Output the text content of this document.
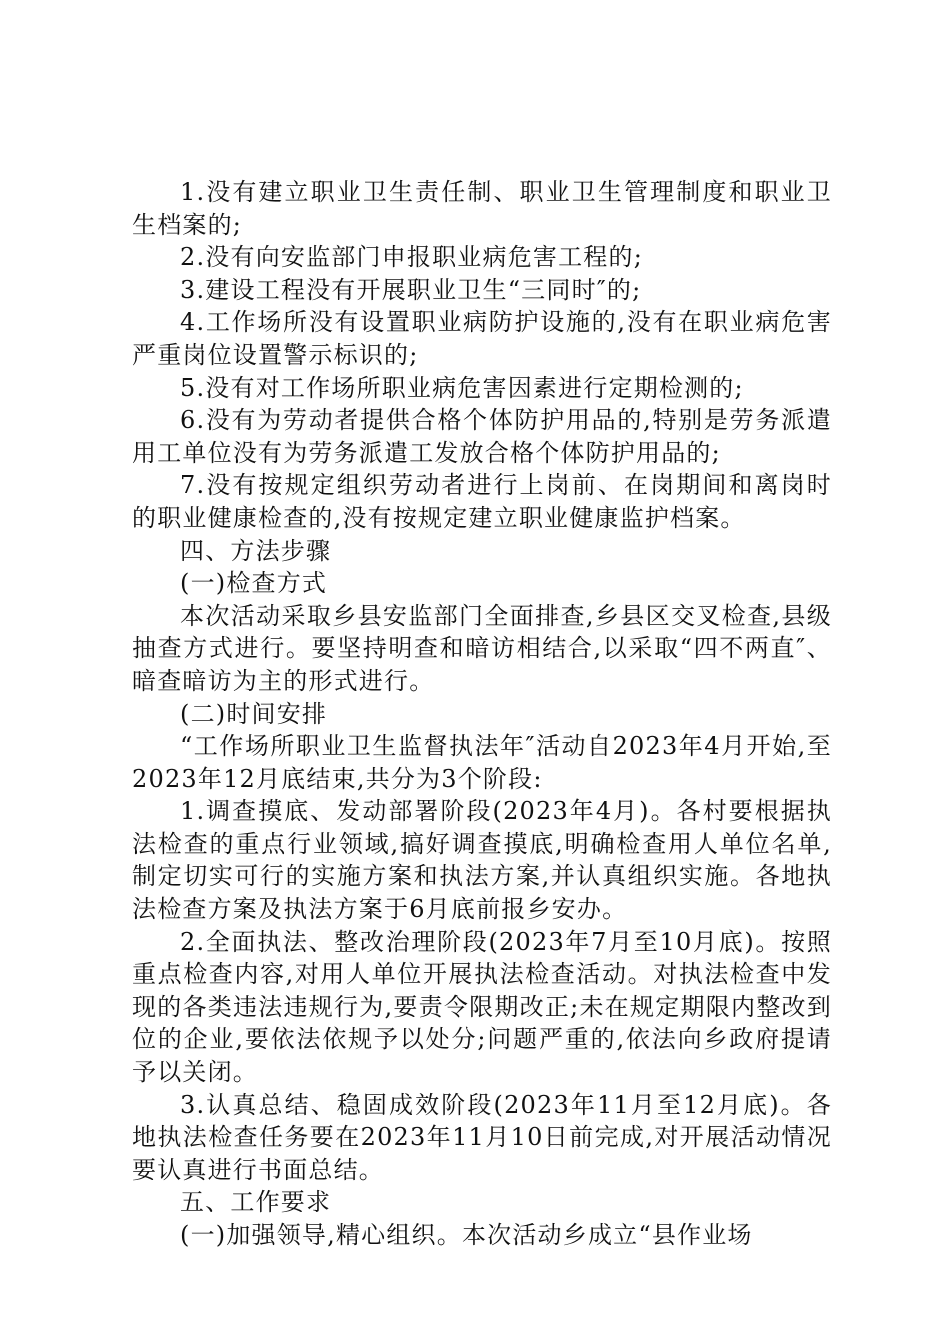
1.没有建立职业卫生责任制、职业卫生管理制度和职业卫生档案的;

2.没有向安监部门申报职业病危害工程的;

3.建设工程没有开展职业卫生“三同时″的;

4.工作场所没有设置职业病防护设施的,没有在职业病危害严重岗位设置警示标识的;

5.没有对工作场所职业病危害因素进行定期检测的;

6.没有为劳动者提供合格个体防护用品的,特别是劳务派遣用工单位没有为劳务派遣工发放合格个体防护用品的;

7.没有按规定组织劳动者进行上岗前、在岗期间和离岗时的职业健康检查的,没有按规定建立职业健康监护档案。

四、方法步骤

(一)检查方式

本次活动采取乡县安监部门全面排查,乡县区交叉检查,县级抽查方式进行。要坚持明查和暗访相结合,以采取“四不两直″、暗查暗访为主的形式进行。

(二)时间安排

“工作场所职业卫生监督执法年″活动自2023年4月开始,至2023年12月底结束,共分为3个阶段:

1.调查摸底、发动部署阶段(2023年4月)。各村要根据执法检查的重点行业领域,搞好调查摸底,明确检查用人单位名单,制定切实可行的实施方案和执法方案,并认真组织实施。各地执法检查方案及执法方案于6月底前报乡安办。

2.全面执法、整改治理阶段(2023年7月至10月底)。按照重点检查内容,对用人单位开展执法检查活动。对执法检查中发现的各类违法违规行为,要责令限期改正;未在规定期限内整改到位的企业,要依法依规予以处分;问题严重的,依法向乡政府提请予以关闭。

3.认真总结、稳固成效阶段(2023年11月至12月底)。各地执法检查任务要在2023年11月10日前完成,对开展活动情况要认真进行书面总结。

五、工作要求

(一)加强领导,精心组织。本次活动乡成立“县作业场
